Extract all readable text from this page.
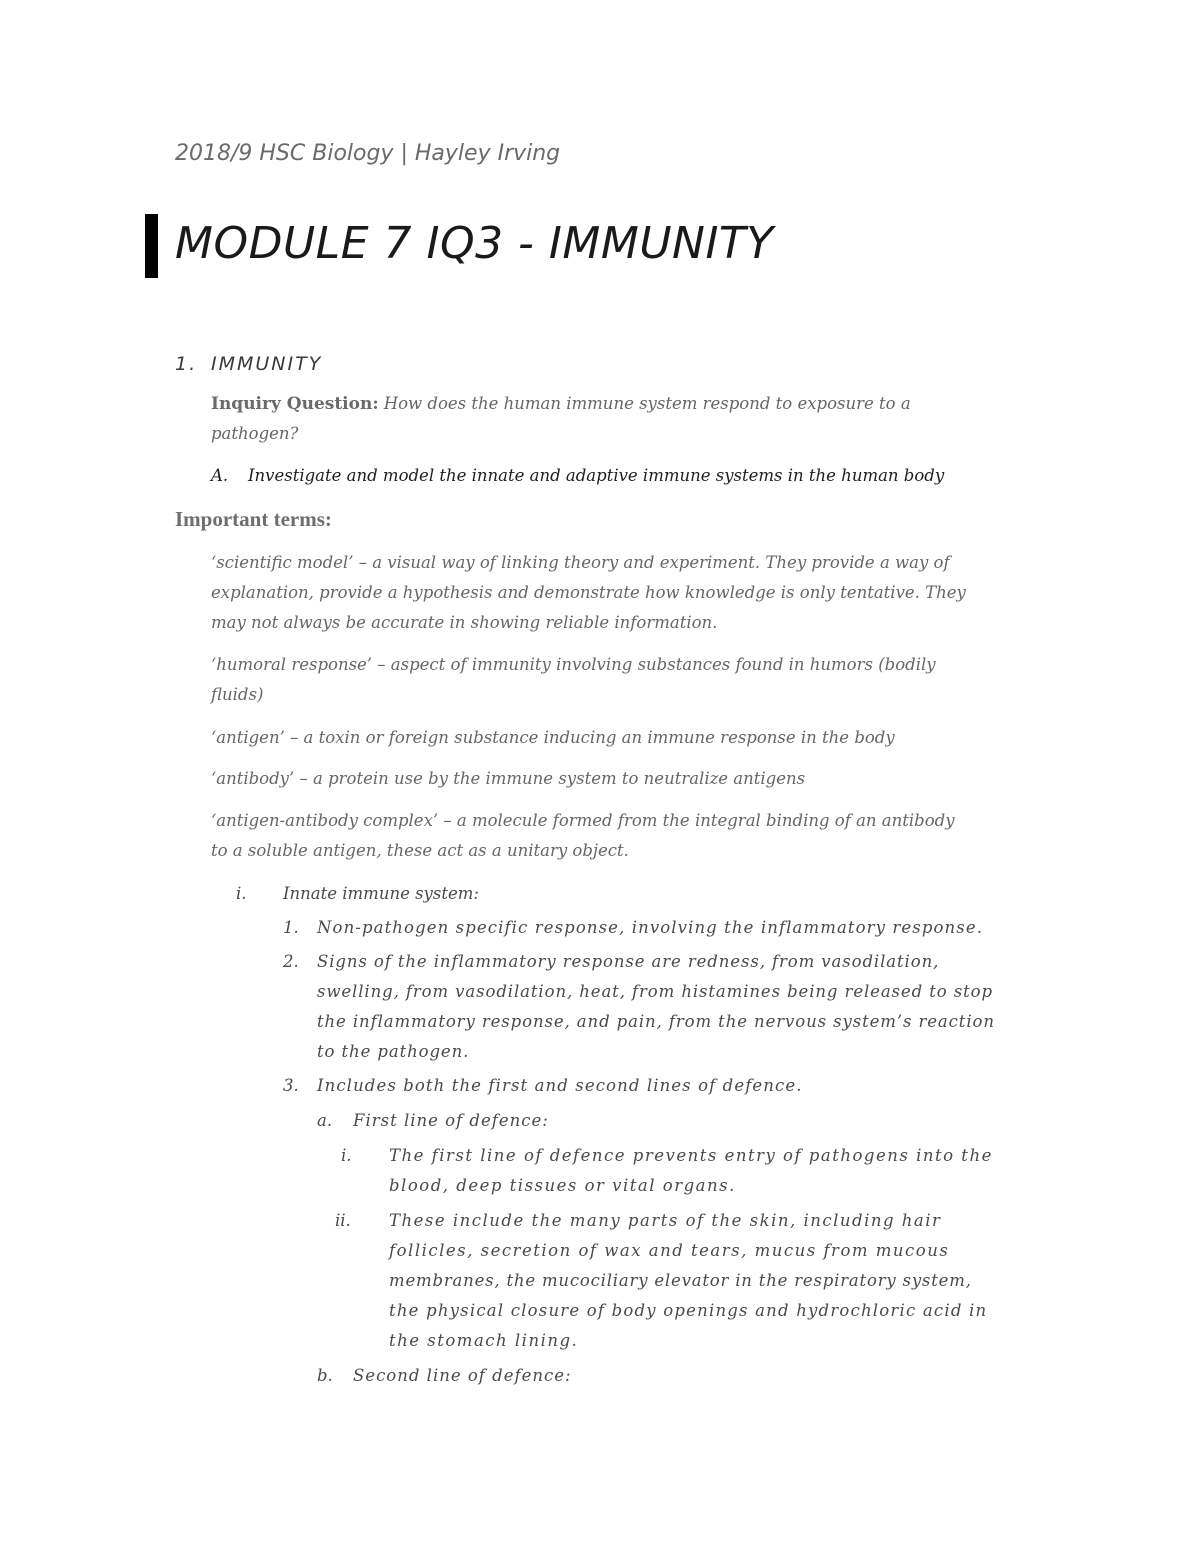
2018/9 HSC Biology | Hayley Irving
MODULE 7 IQ3 - IMMUNITY
1. IMMUNITY
Inquiry Question: How does the human immune system respond to exposure to a
pathogen?
A. Investigate and model the innate and adaptive immune systems in the human body
Important terms:
‘scientific model’ – a visual way of linking theory and experiment. They provide a way of
explanation, provide a hypothesis and demonstrate how knowledge is only tentative. They
may not always be accurate in showing reliable information.
‘humoral response’ – aspect of immunity involving substances found in humors (bodily
fluids)
‘antigen’ – a toxin or foreign substance inducing an immune response in the body
‘antibody’ – a protein use by the immune system to neutralize antigens
‘antigen-antibody complex’ – a molecule formed from the integral binding of an antibody
to a soluble antigen, these act as a unitary object.
i. Innate immune system:
1. Non-pathogen specific response, involving the inflammatory response.
2. Signs of the inflammatory response are redness, from vasodilation,
swelling, from vasodilation, heat, from histamines being released to stop
the inflammatory response, and pain, from the nervous system’s reaction
to the pathogen.
3. Includes both the first and second lines of defence.
a. First line of defence:
i. The first line of defence prevents entry of pathogens into the
blood, deep tissues or vital organs.
ii. These include the many parts of the skin, including hair
follicles, secretion of wax and tears, mucus from mucous
membranes, the mucociliary elevator in the respiratory system,
the physical closure of body openings and hydrochloric acid in
the stomach lining.
b. Second line of defence:
